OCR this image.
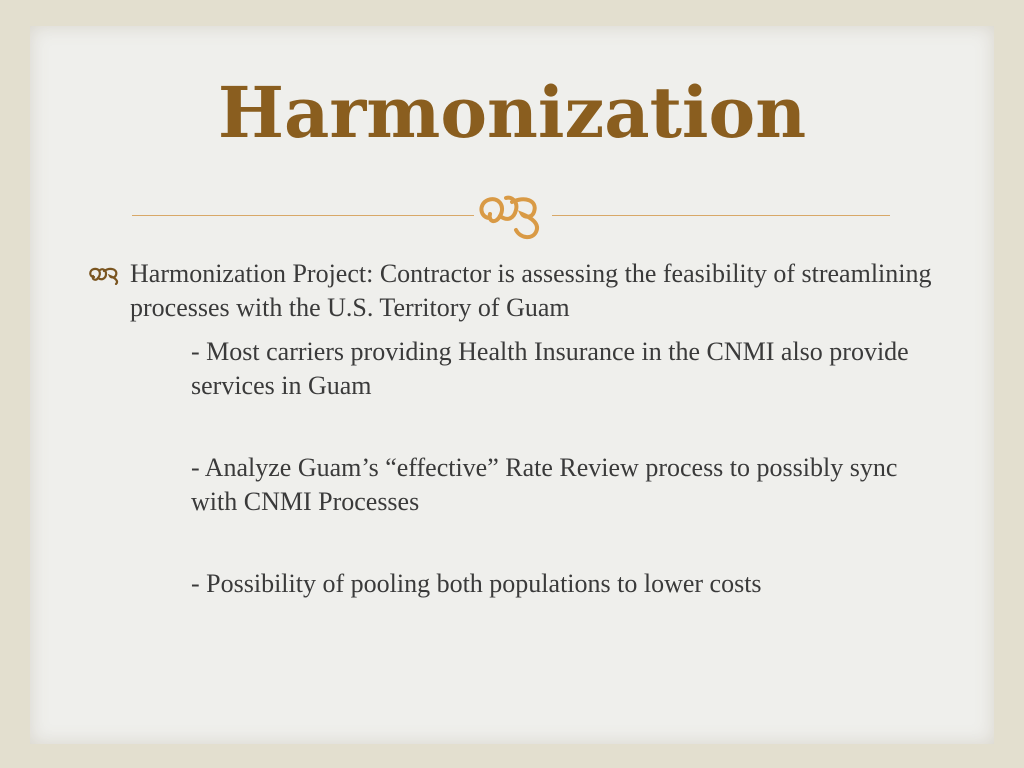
Harmonization
Harmonization Project: Contractor is assessing the feasibility of streamlining processes with the U.S. Territory of Guam
- Most carriers providing Health Insurance in the CNMI also provide services in Guam
- Analyze Guam’s “effective” Rate Review process to possibly sync with CNMI Processes
- Possibility of pooling both populations to lower costs
